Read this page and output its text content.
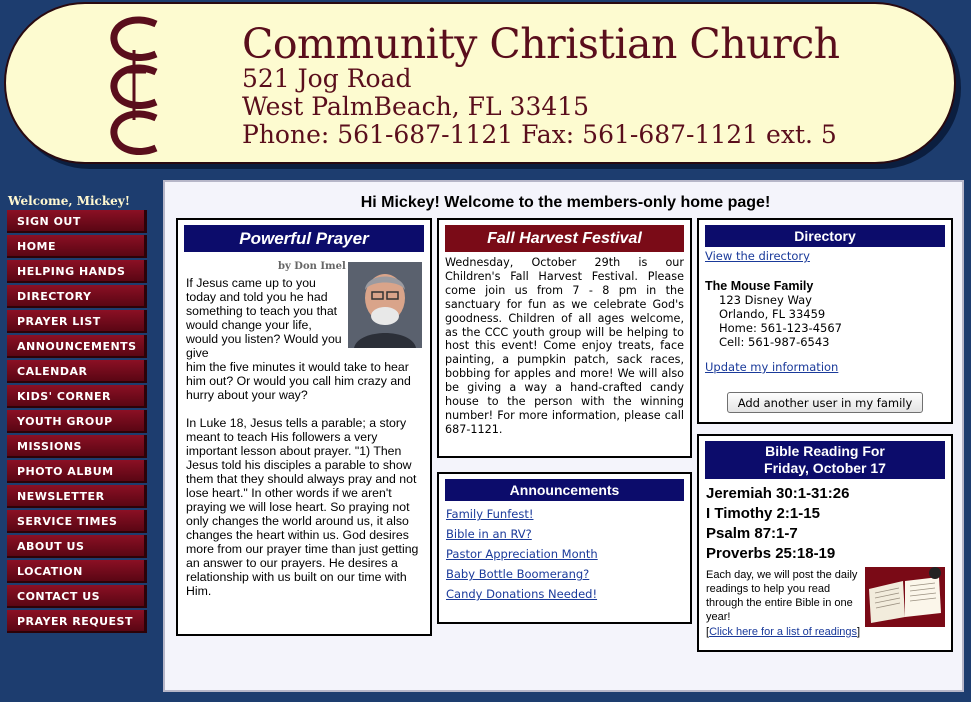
Community Christian Church
521 Jog Road
West PalmBeach, FL 33415
Phone: 561-687-1121 Fax: 561-687-1121 ext. 5
Welcome, Mickey!
SIGN OUT
HOME
HELPING HANDS
DIRECTORY
PRAYER LIST
ANNOUNCEMENTS
CALENDAR
KIDS' CORNER
YOUTH GROUP
MISSIONS
PHOTO ALBUM
NEWSLETTER
SERVICE TIMES
ABOUT US
LOCATION
CONTACT US
PRAYER REQUEST
Hi Mickey! Welcome to the members-only home page!
Powerful Prayer
by Don Imel
If Jesus came up to you today and told you he had something to teach you that would change your life, would you listen? Would you give
him the five minutes it would take to hear him out? Or would you call him crazy and hurry about your way?
In Luke 18, Jesus tells a parable; a story meant to teach His followers a very important lesson about prayer. "1) Then Jesus told his disciples a parable to show them that they should always pray and not lose heart." In other words if we aren't praying we will lose heart. So praying not only changes the world around us, it also changes the heart within us. God desires more from our prayer time than just getting an answer to our prayers. He desires a relationship with us built on our time with Him.
Fall Harvest Festival
Wednesday, October 29th is our Children's Fall Harvest Festival. Please come join us from 7 - 8 pm in the sanctuary for fun as we celebrate God's goodness. Children of all ages welcome, as the CCC youth group will be helping to host this event! Come enjoy treats, face painting, a pumpkin patch, sack races, bobbing for apples and more! We will also be giving a way a hand-crafted candy house to the person with the winning number! For more information, please call 687-1121.
Announcements
Family Funfest!
Bible in an RV?
Pastor Appreciation Month
Baby Bottle Boomerang?
Candy Donations Needed!
Directory
View the directory
The Mouse Family
123 Disney Way
Orlando, FL 33459
Home: 561-123-4567
Cell: 561-987-6543
Update my information
Add another user in my family
Bible Reading For
Friday, October 17
Jeremiah 30:1-31:26
I Timothy 2:1-15
Psalm 87:1-7
Proverbs 25:18-19
Each day, we will post the daily readings to help you read through the entire Bible in one year!
[Click here for a list of readings]
